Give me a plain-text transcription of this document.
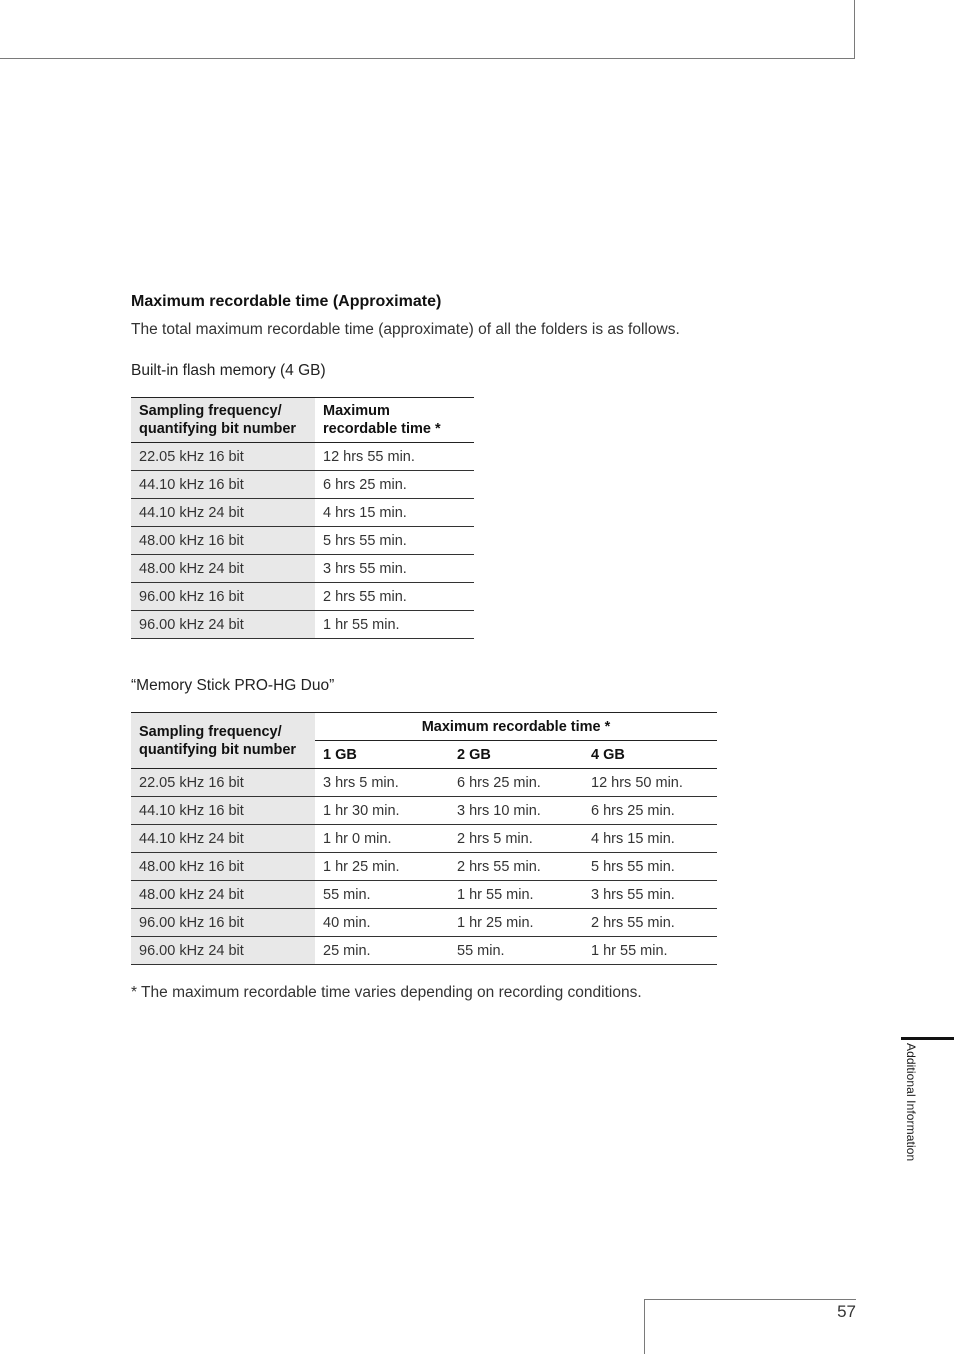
Maximum recordable time (Approximate)
The total maximum recordable time (approximate) of all the folders is as follows.
Built-in flash memory (4 GB)
Sampling frequency/
quantifying bit number	Maximum
recordable time *
22.05 kHz 16 bit	12 hrs 55 min.
44.10 kHz 16 bit	6 hrs 25 min.
44.10 kHz 24 bit	4 hrs 15 min.
48.00 kHz 16 bit	5 hrs 55 min.
48.00 kHz 24 bit	3 hrs 55 min.
96.00 kHz 16 bit	2 hrs 55 min.
96.00 kHz 24 bit	1 hr 55 min.
“Memory Stick PRO-HG Duo”
Sampling frequency/
quantifying bit number	Maximum recordable time *		
	1 GB	2 GB	4 GB
22.05 kHz 16 bit	3 hrs 5 min.	6 hrs 25 min.	12 hrs 50 min.
44.10 kHz 16 bit	1 hr 30 min.	3 hrs 10 min.	6 hrs 25 min.
44.10 kHz 24 bit	1 hr 0 min.	2 hrs 5 min.	4 hrs 15 min.
48.00 kHz 16 bit	1 hr 25 min.	2 hrs 55 min.	5 hrs 55 min.
48.00 kHz 24 bit	55 min.	1 hr 55 min.	3 hrs 55 min.
96.00 kHz 16 bit	40 min.	1 hr 25 min.	2 hrs 55 min.
96.00 kHz 24 bit	25 min.	55 min.	1 hr 55 min.
* The maximum recordable time varies depending on recording conditions.
Additional Information
57
